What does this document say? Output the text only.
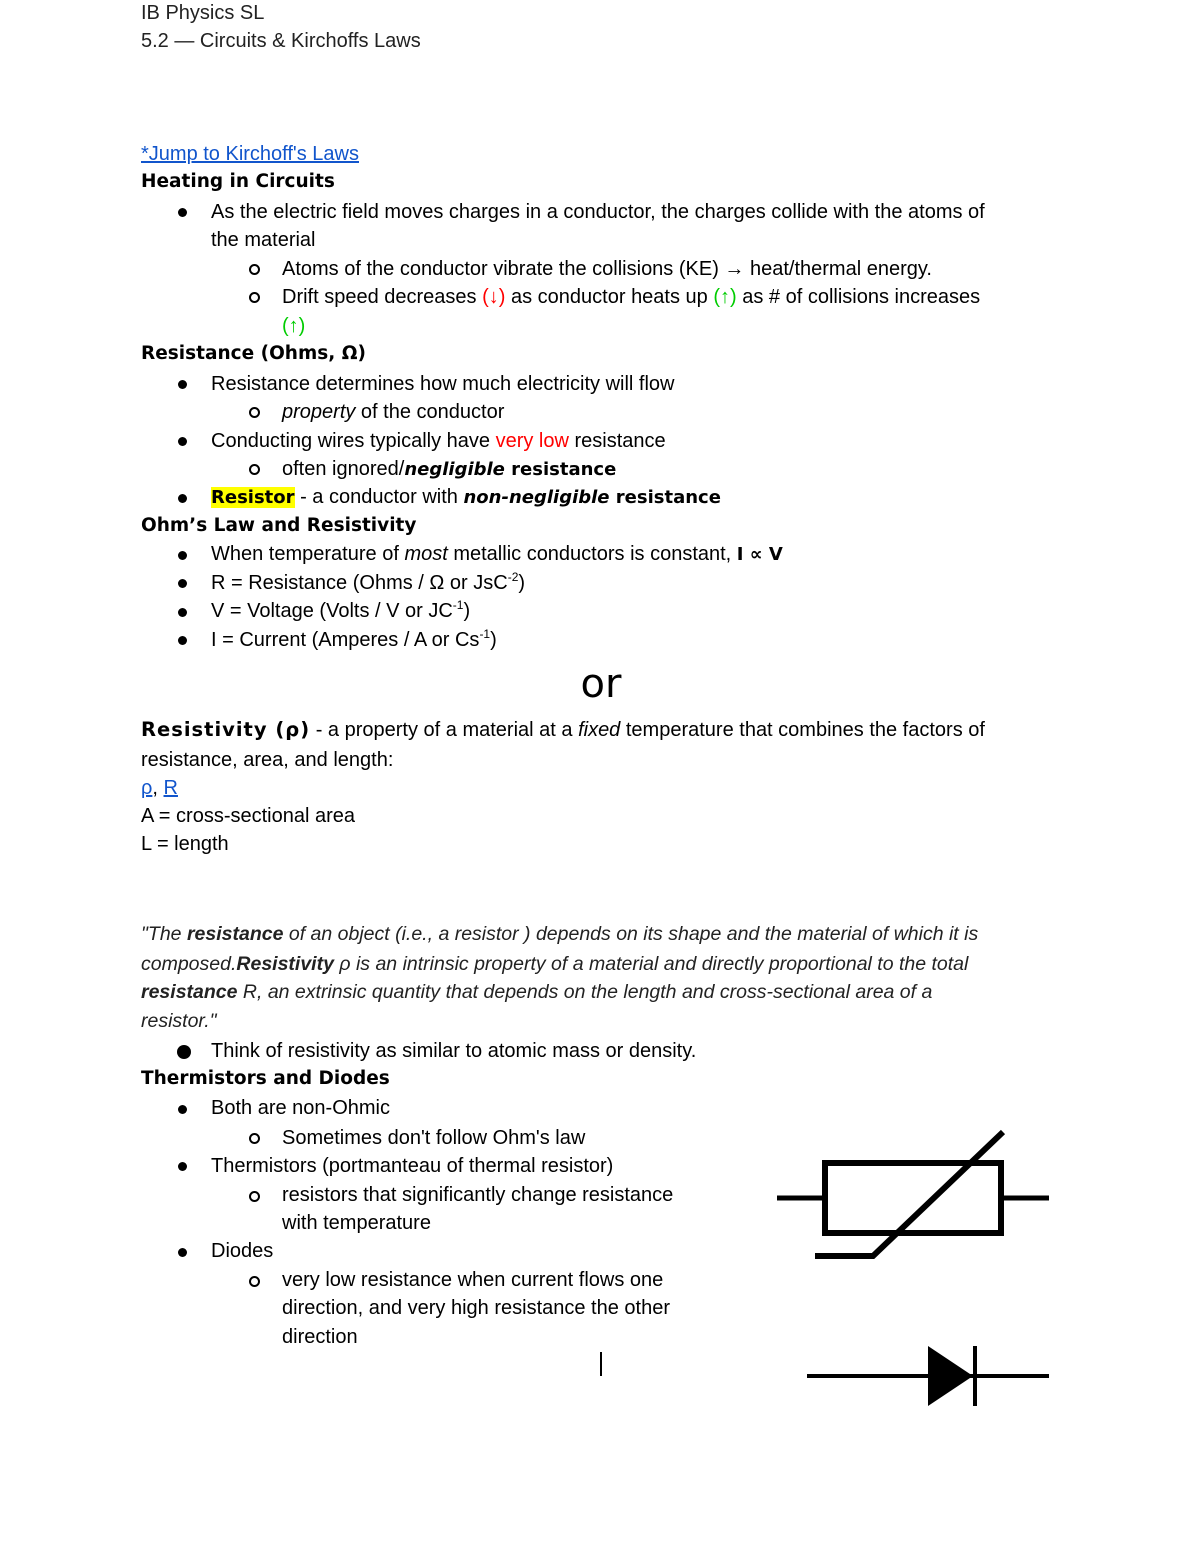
IB Physics SL
5.2 — Circuits & Kirchoffs Laws
*Jump to Kirchoff's Laws
Heating in Circuits
As the electric field moves charges in a conductor, the charges collide with the atoms of
the material
Atoms of the conductor vibrate the collisions (KE) → heat/thermal energy.
Drift speed decreases (↓) as conductor heats up (↑) as # of collisions increases
(↑)
Resistance (Ohms, Ω)
Resistance determines how much electricity will flow
property of the conductor
Conducting wires typically have very low resistance
often ignored/negligible resistance
Resistor - a conductor with non-negligible resistance
Ohm’s Law and Resistivity
When temperature of most metallic conductors is constant, I ∝ V
R = Resistance (Ohms / Ω or JsC$^{-2}$)
V = Voltage (Volts / V or $JC^{-1}$)
I = Current (Amperes / A or $Cs^{-1}$)
or
Resistivity (ρ) - a property of a material at a fixed temperature that combines the factors of
resistance, area, and length:
ρ, R
A = cross-sectional area
L = length
"The resistance of an object (i.e., a resistor ) depends on its shape and the material of which it is
composed.Resistivity ρ is an intrinsic property of a material and directly proportional to the total
resistance R, an extrinsic quantity that depends on the length and cross-sectional area of a
resistor."
Think of resistivity as similar to atomic mass or density.
Thermistors and Diodes
Both are non-Ohmic
Sometimes don't follow Ohm's law
Thermistors (portmanteau of thermal resistor)
resistors that significantly change resistance
with temperature
Diodes
very low resistance when current flows one
direction, and very high resistance the other
direction
